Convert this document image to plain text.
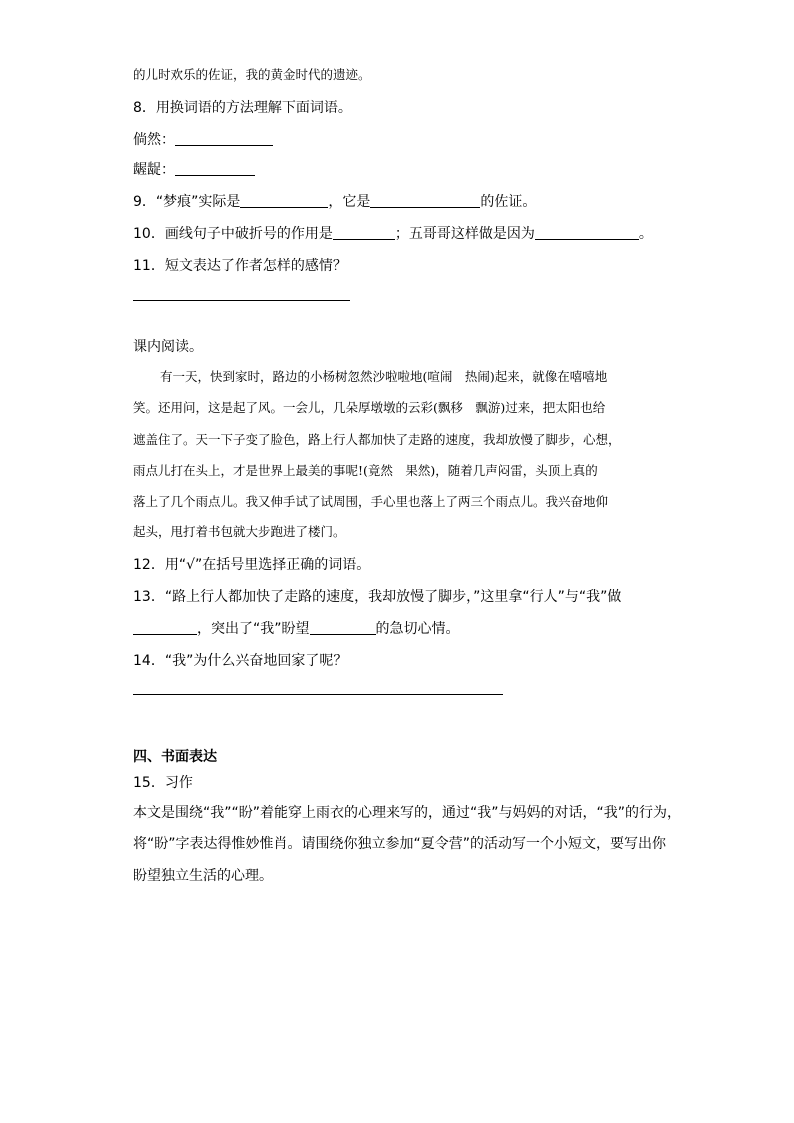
的儿时欢乐的佐证，我的黄金时代的遗迹。
8．用换词语的方法理解下面词语。
倘然：
龌龊：
9．“梦痕”实际是	，它是	的佐证。
10．画线句子中破折号的作用是	；五哥哥这样做是因为	。
11．短文表达了作者怎样的感情？
课内阅读。
有一天，快到家时，路边的小杨树忽然沙啦啦地(喧闹　热闹)起来，就像在嘻嘻地
笑。还用问，这是起了风。一会儿，几朵厚墩墩的云彩(飘移　飘游)过来，把太阳也给
遮盖住了。天一下子变了脸色，路上行人都加快了走路的速度，我却放慢了脚步，心想，
雨点儿打在头上，才是世界上最美的事呢!(竟然　果然)，随着几声闷雷，头顶上真的
落上了几个雨点儿。我又伸手试了试周围，手心里也落上了两三个雨点儿。我兴奋地仰
起头，甩打着书包就大步跑进了楼门。
12．用“√”在括号里选择正确的词语。
13．“路上行人都加快了走路的速度，我却放慢了脚步，”这里拿“行人”与“我”做
，突出了“我”盼望	的急切心情。
14．“我”为什么兴奋地回家了呢？
四、书面表达
15．习作
本文是围绕“我”“盼”着能穿上雨衣的心理来写的，通过“我”与妈妈的对话，“我”的行为，
将“盼”字表达得惟妙惟肖。请围绕你独立参加“夏令营”的活动写一个小短文，要写出你
盼望独立生活的心理。
